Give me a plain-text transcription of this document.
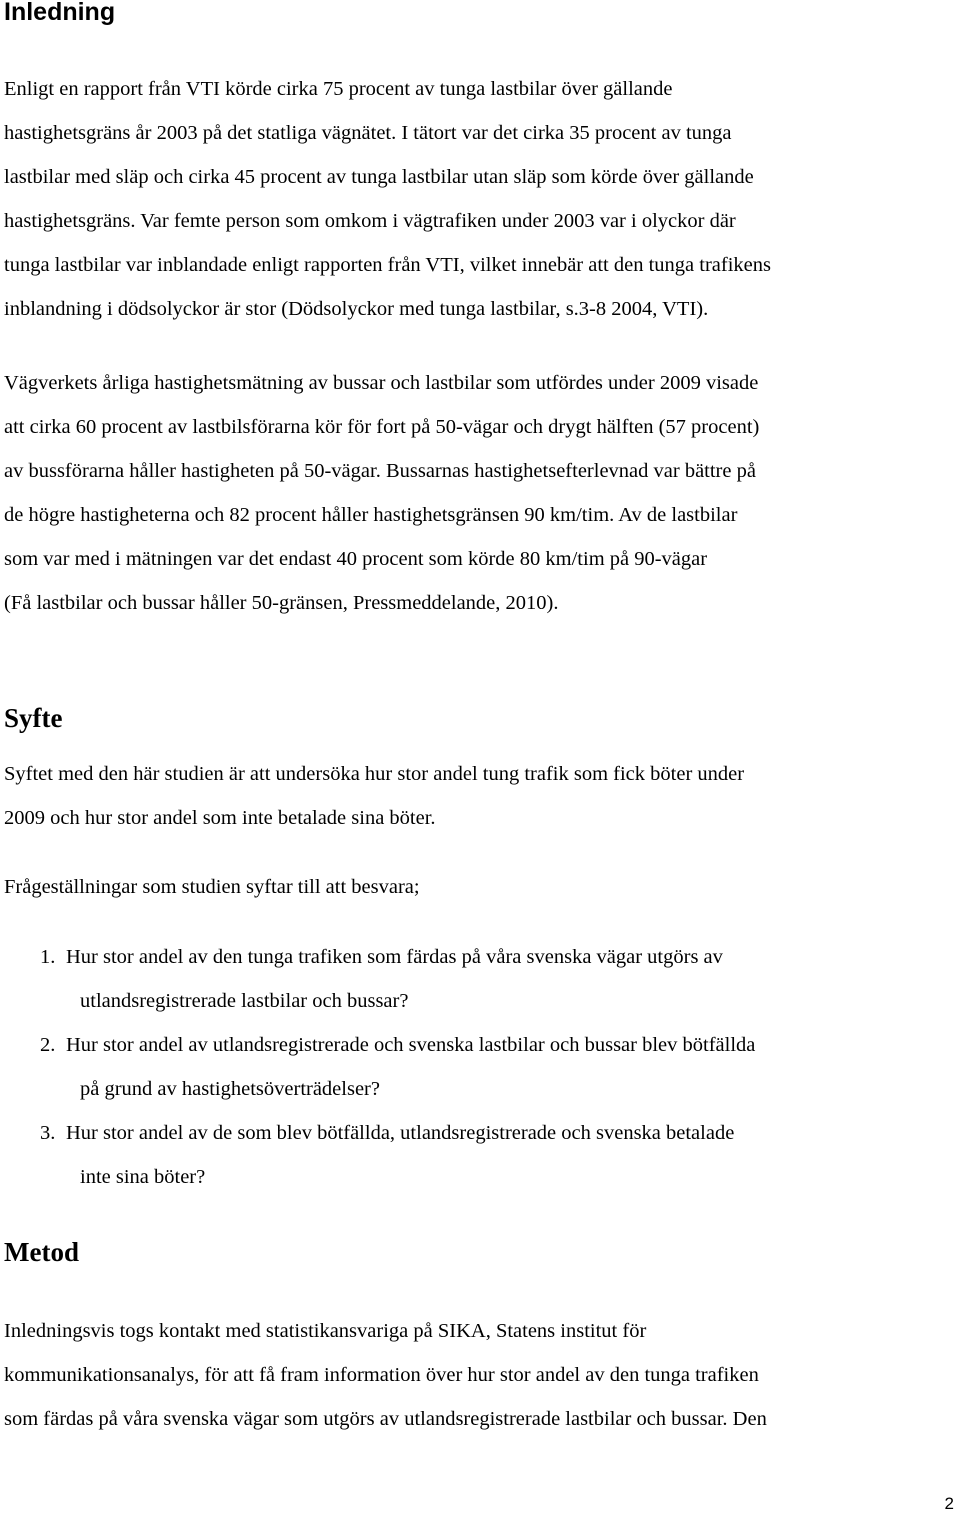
Inledning

Enligt en rapport från VTI körde cirka 75 procent av tunga lastbilar över gällande
hastighetsgräns år 2003 på det statliga vägnätet. I tätort var det cirka 35 procent av tunga
lastbilar med släp och cirka 45 procent av tunga lastbilar utan släp som körde över gällande
hastighetsgräns. Var femte person som omkom i vägtrafiken under 2003 var i olyckor där
tunga lastbilar var inblandade enligt rapporten från VTI, vilket innebär att den tunga trafikens
inblandning i dödsolyckor är stor (Dödsolyckor med tunga lastbilar, s.3-8 2004, VTI).

Vägverkets årliga hastighetsmätning av bussar och lastbilar som utfördes under 2009 visade
att cirka 60 procent av lastbilsförarna kör för fort på 50-vägar och drygt hälften (57 procent)
av bussförarna håller hastigheten på 50-vägar. Bussarnas hastighetsefterlevnad var bättre på
de högre hastigheterna och 82 procent håller hastighetsgränsen 90 km/tim. Av de lastbilar
som var med i mätningen var det endast 40 procent som körde 80 km/tim på 90-vägar
(Få lastbilar och bussar håller 50-gränsen, Pressmeddelande, 2010).

Syfte

Syftet med den här studien är att undersöka hur stor andel tung trafik som fick böter under
2009 och hur stor andel som inte betalade sina böter.

Frågeställningar som studien syftar till att besvara;

1. Hur stor andel av den tunga trafiken som färdas på våra svenska vägar utgörs av
utlandsregistrerade lastbilar och bussar?
2. Hur stor andel av utlandsregistrerade och svenska lastbilar och bussar blev bötfällda
på grund av hastighetsöverträdelser?
3. Hur stor andel av de som blev bötfällda, utlandsregistrerade och svenska betalade
inte sina böter?
Metod

Inledningsvis togs kontakt med statistikansvariga på SIKA, Statens institut för
kommunikationsanalys, för att få fram information över hur stor andel av den tunga trafiken
som färdas på våra svenska vägar som utgörs av utlandsregistrerade lastbilar och bussar. Den

2
